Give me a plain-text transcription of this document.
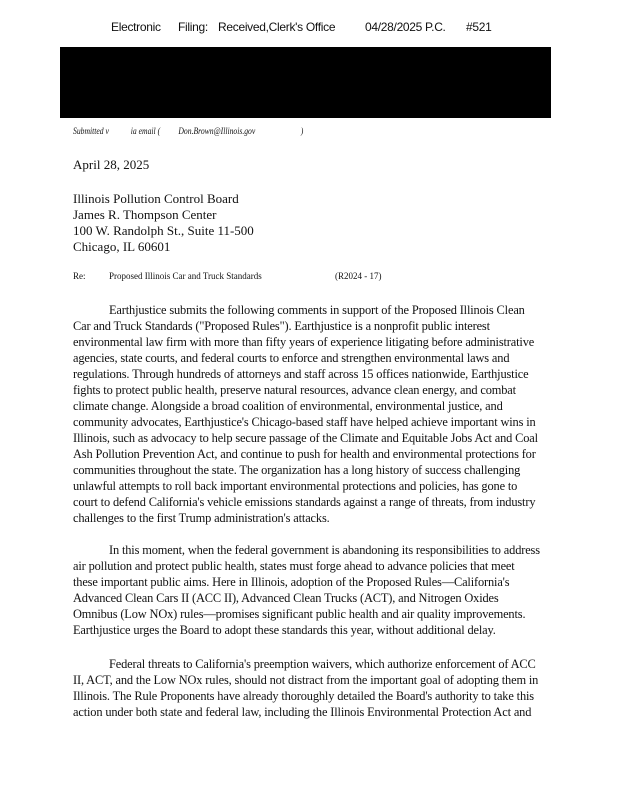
Electronic Filing: Received,Clerk's Office 04/28/2025 P.C. #521
Submitted v ia email ( Don.Brown@Illinois.gov	)
April 28, 2025
Illinois Pollution Control Board
James R. Thompson Center
100 W. Randolph St., Suite 11-500
Chicago, IL 60601
Re:	Proposed Illinois Car and Truck Standards	(R2024 - 17)
Earthjustice submits the following comments in support of the Proposed Illinois Clean
Car and Truck Standards ("Proposed Rules"). Earthjustice is a nonprofit public interest
environmental law firm with more than fifty years of experience litigating before administrative
agencies, state courts, and federal courts to enforce and strengthen environmental laws and
regulations. Through hundreds of attorneys and staff across 15 offices nationwide, Earthjustice
fights to protect public health, preserve natural resources, advance clean energy, and combat
climate change. Alongside a broad coalition of environmental, environmental justice, and
community advocates, Earthjustice's Chicago-based staff have helped achieve important wins in
Illinois, such as advocacy to help secure passage of the Climate and Equitable Jobs Act and Coal
Ash Pollution Prevention Act, and continue to push for health and environmental protections for
communities throughout the state. The organization has a long history of success challenging
unlawful attempts to roll back important environmental protections and policies, has gone to
court to defend California's vehicle emissions standards against a range of threats, from industry
challenges to the first Trump administration's attacks.
In this moment, when the federal government is abandoning its responsibilities to address
air pollution and protect public health, states must forge ahead to advance policies that meet
these important public aims. Here in Illinois, adoption of the Proposed Rules—California's
Advanced Clean Cars II (ACC II), Advanced Clean Trucks (ACT), and Nitrogen Oxides
Omnibus (Low NOx) rules—promises significant public health and air quality improvements.
Earthjustice urges the Board to adopt these standards this year, without additional delay.
Federal threats to California's preemption waivers, which authorize enforcement of ACC
II, ACT, and the Low NOx rules, should not distract from the important goal of adopting them in
Illinois. The Rule Proponents have already thoroughly detailed the Board's authority to take this
action under both state and federal law, including the Illinois Environmental Protection Act and
